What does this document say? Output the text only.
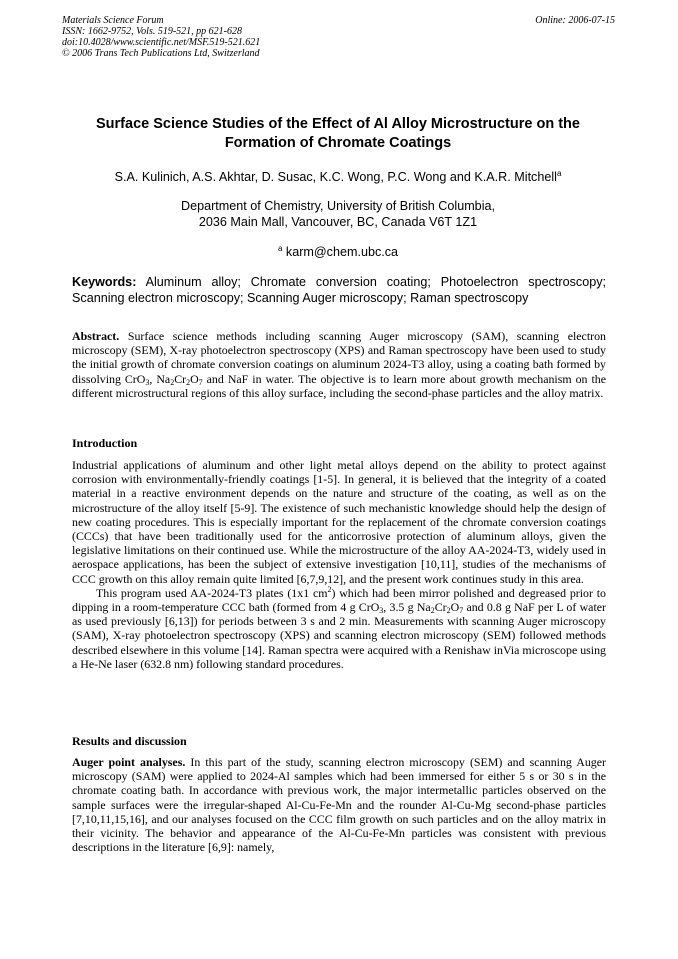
Materials Science Forum
ISSN: 1662-9752, Vols. 519-521, pp 621-628
doi:10.4028/www.scientific.net/MSF.519-521.621
© 2006 Trans Tech Publications Ltd, Switzerland
Online: 2006-07-15
Surface Science Studies of the Effect of Al Alloy Microstructure on the
Formation of Chromate Coatings
S.A. Kulinich, A.S. Akhtar, D. Susac, K.C. Wong, P.C. Wong and K.A.R. Mitchell$^a$
Department of Chemistry, University of British Columbia,
2036 Main Mall, Vancouver, BC, Canada V6T 1Z1
$^a$ karm@chem.ubc.ca
Keywords: Aluminum alloy; Chromate conversion coating; Photoelectron spectroscopy; Scanning electron microscopy; Scanning Auger microscopy; Raman spectroscopy

Abstract. Surface science methods including scanning Auger microscopy (SAM), scanning electron microscopy (SEM), X-ray photoelectron spectroscopy (XPS) and Raman spectroscopy have been used to study the initial growth of chromate conversion coatings on aluminum 2024-T3 alloy, using a coating bath formed by dissolving CrO$_3$, $Na_2Cr_2O_7$ and NaF in water. The objective is to learn more about growth mechanism on the different microstructural regions of this alloy surface, including the second-phase particles and the alloy matrix.

Introduction

Industrial applications of aluminum and other light metal alloys depend on the ability to protect against corrosion with environmentally-friendly coatings [1-5]. In general, it is believed that the integrity of a coated material in a reactive environment depends on the nature and structure of the coating, as well as on the microstructure of the alloy itself [5-9]. The existence of such mechanistic knowledge should help the design of new coating procedures. This is especially important for the replacement of the chromate conversion coatings (CCCs) that have been traditionally used for the anticorrosive protection of aluminum alloys, given the legislative limitations on their continued use. While the microstructure of the alloy AA-2024-T3, widely used in aerospace applications, has been the subject of extensive investigation [10,11], studies of the mechanisms of CCC growth on this alloy remain quite limited [6,7,9,12], and the present work continues study in this area.

This program used AA-2024-T3 plates (1x1 $cm^2$) which had been mirror polished and degreased prior to dipping in a room-temperature CCC bath (formed from 4 g CrO$_3$, 3.5 g $Na_2Cr_2O_7$ and 0.8 g NaF per L of water as used previously [6,13]) for periods between 3 s and 2 min. Measurements with scanning Auger microscopy (SAM), X-ray photoelectron spectroscopy (XPS) and scanning electron microscopy (SEM) followed methods described elsewhere in this volume [14]. Raman spectra were acquired with a Renishaw inVia microscope using a He-Ne laser (632.8 nm) following standard procedures.

Results and discussion

Auger point analyses. In this part of the study, scanning electron microscopy (SEM) and scanning Auger microscopy (SAM) were applied to 2024-Al samples which had been immersed for either 5 s or 30 s in the chromate coating bath. In accordance with previous work, the major intermetallic particles observed on the sample surfaces were the irregular-shaped Al-Cu-Fe-Mn and the rounder Al-Cu-Mg second-phase particles [7,10,11,15,16], and our analyses focused on the CCC film growth on such particles and on the alloy matrix in their vicinity. The behavior and appearance of the Al-Cu-Fe-Mn particles was consistent with previous descriptions in the literature [6,9]: namely,
